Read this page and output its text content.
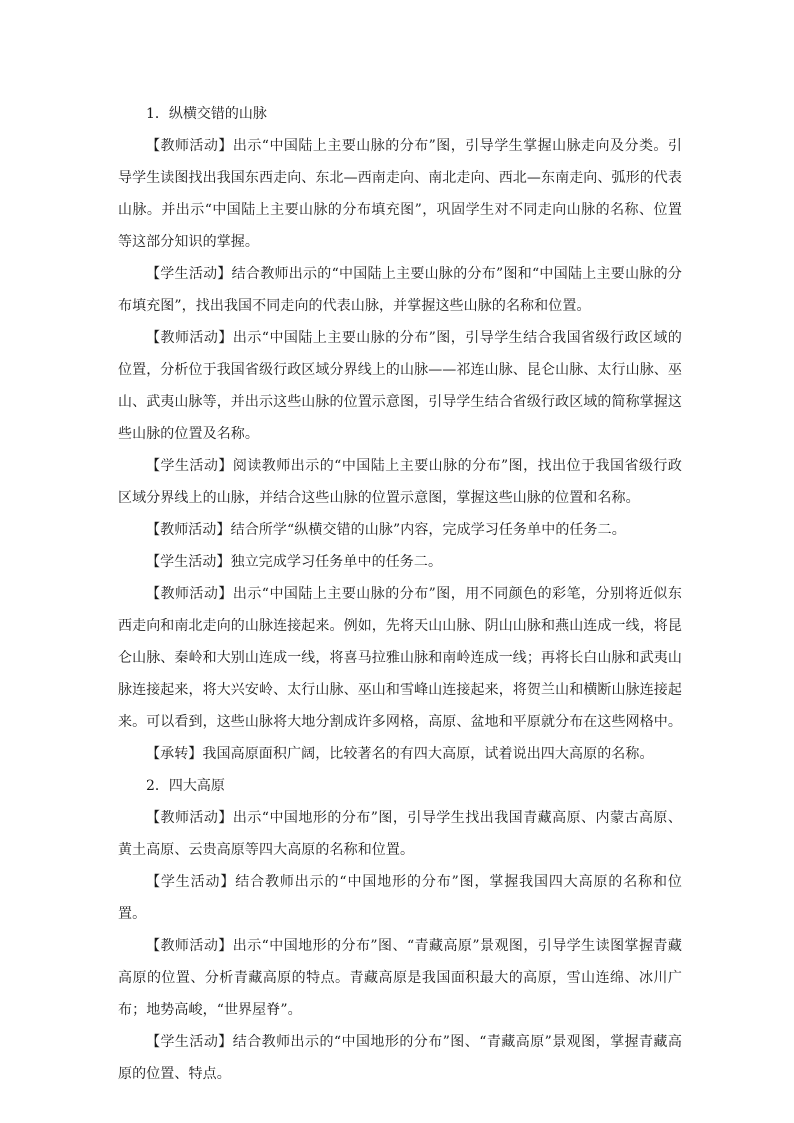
1．纵横交错的山脉

【教师活动】出示“中国陆上主要山脉的分布”图，引导学生掌握山脉走向及分类。引导学生读图找出我国东西走向、东北—西南走向、南北走向、西北—东南走向、弧形的代表山脉。并出示“中国陆上主要山脉的分布填充图”，巩固学生对不同走向山脉的名称、位置等这部分知识的掌握。

【学生活动】结合教师出示的“中国陆上主要山脉的分布”图和“中国陆上主要山脉的分布填充图”，找出我国不同走向的代表山脉，并掌握这些山脉的名称和位置。

【教师活动】出示“中国陆上主要山脉的分布”图，引导学生结合我国省级行政区域的位置，分析位于我国省级行政区域分界线上的山脉——祁连山脉、昆仑山脉、太行山脉、巫山、武夷山脉等，并出示这些山脉的位置示意图，引导学生结合省级行政区域的简称掌握这些山脉的位置及名称。

【学生活动】阅读教师出示的“中国陆上主要山脉的分布”图，找出位于我国省级行政区域分界线上的山脉，并结合这些山脉的位置示意图，掌握这些山脉的位置和名称。

【教师活动】结合所学“纵横交错的山脉”内容，完成学习任务单中的任务二。

【学生活动】独立完成学习任务单中的任务二。

【教师活动】出示“中国陆上主要山脉的分布”图，用不同颜色的彩笔，分别将近似东西走向和南北走向的山脉连接起来。例如，先将天山山脉、阴山山脉和燕山连成一线，将昆仑山脉、秦岭和大别山连成一线，将喜马拉雅山脉和南岭连成一线；再将长白山脉和武夷山脉连接起来，将大兴安岭、太行山脉、巫山和雪峰山连接起来，将贺兰山和横断山脉连接起来。可以看到，这些山脉将大地分割成许多网格，高原、盆地和平原就分布在这些网格中。

【承转】我国高原面积广阔，比较著名的有四大高原，试着说出四大高原的名称。

2．四大高原

【教师活动】出示“中国地形的分布”图，引导学生找出我国青藏高原、内蒙古高原、黄土高原、云贵高原等四大高原的名称和位置。

【学生活动】结合教师出示的“中国地形的分布”图，掌握我国四大高原的名称和位置。

【教师活动】出示“中国地形的分布”图、“青藏高原”景观图，引导学生读图掌握青藏高原的位置、分析青藏高原的特点。青藏高原是我国面积最大的高原，雪山连绵、冰川广布；地势高峻，“世界屋脊”。

【学生活动】结合教师出示的“中国地形的分布”图、“青藏高原”景观图，掌握青藏高原的位置、特点。
